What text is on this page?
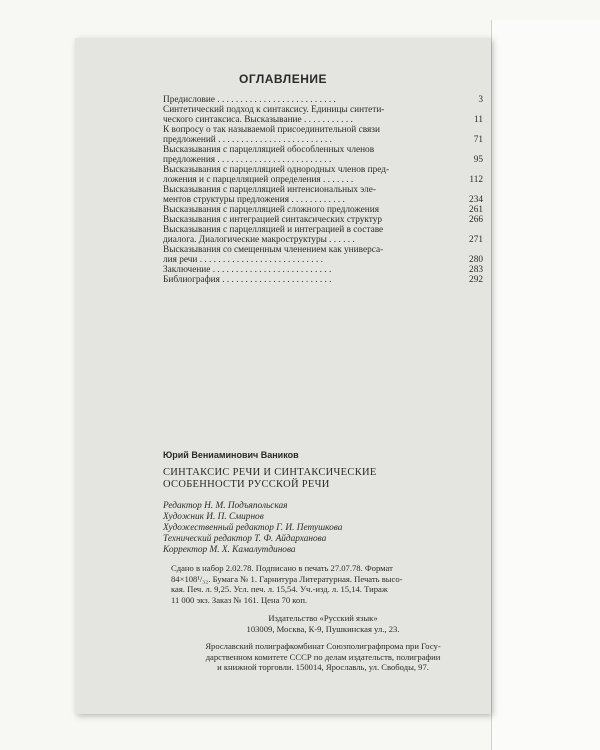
ОГЛАВЛЕНИЕ
Предисловие . . . . . . . . . . . . . . . . . . . . . . . . . .	3
Синтетический подход к синтаксису. Единицы синтети-
ческого синтаксиса. Высказывание . . . . . . . . . . .	11
К вопросу о так называемой присоединительной связи
предложений . . . . . . . . . . . . . . . . . . . . . . . . .	71
Высказывания с парцелляцией обособленных членов
предложения . . . . . . . . . . . . . . . . . . . . . . . . .	95
Высказывания с парцелляцией однородных членов пред-
ложения и с парцелляцией определения . . . . . . .	112
Высказывания с парцелляцией интенсиональных эле-
ментов структуры предложения . . . . . . . . . . . .	234
Высказывания с парцелляцией сложного предложения	261
Высказывания с интеграцией синтаксических структур	266
Высказывания с парцелляцией и интеграцией в составе
диалога. Диалогические макроструктуры . . . . . .	271
Высказывания со смещенным членением как универса-
лия речи . . . . . . . . . . . . . . . . . . . . . . . . . . .	280
Заключение . . . . . . . . . . . . . . . . . . . . . . . . . .	283
Библиография . . . . . . . . . . . . . . . . . . . . . . . .	292
Юрий Вениаминович Ваников
СИНТАКСИС РЕЧИ И СИНТАКСИЧЕСКИЕ
ОСОБЕННОСТИ РУССКОЙ РЕЧИ
Редактор Н. М. Подъяпольская
Художник И. П. Смирнов
Художественный редактор Г. И. Петушкова
Технический редактор Т. Ф. Айдарханова
Корректор М. Х. Камалутдинова
Сдано в набор 2.02.78. Подписано в печать 27.07.78. Формат
84×108¹/₃₂. Бумага № 1. Гарнитура Литературная. Печать высо-
кая. Печ. л. 9,25. Усл. печ. л. 15,54. Уч.-изд. л. 15,14. Тираж
11 000 экз. Заказ № 161. Цена 70 коп.
Издательство «Русский язык»
103009, Москва, К-9, Пушкинская ул., 23.
Ярославский полиграфкомбинат Союзполиграфпрома при Госу-
дарственном комитете СССР по делам издательств, полиграфии
и книжной торговли. 150014, Ярославль, ул. Свободы, 97.
